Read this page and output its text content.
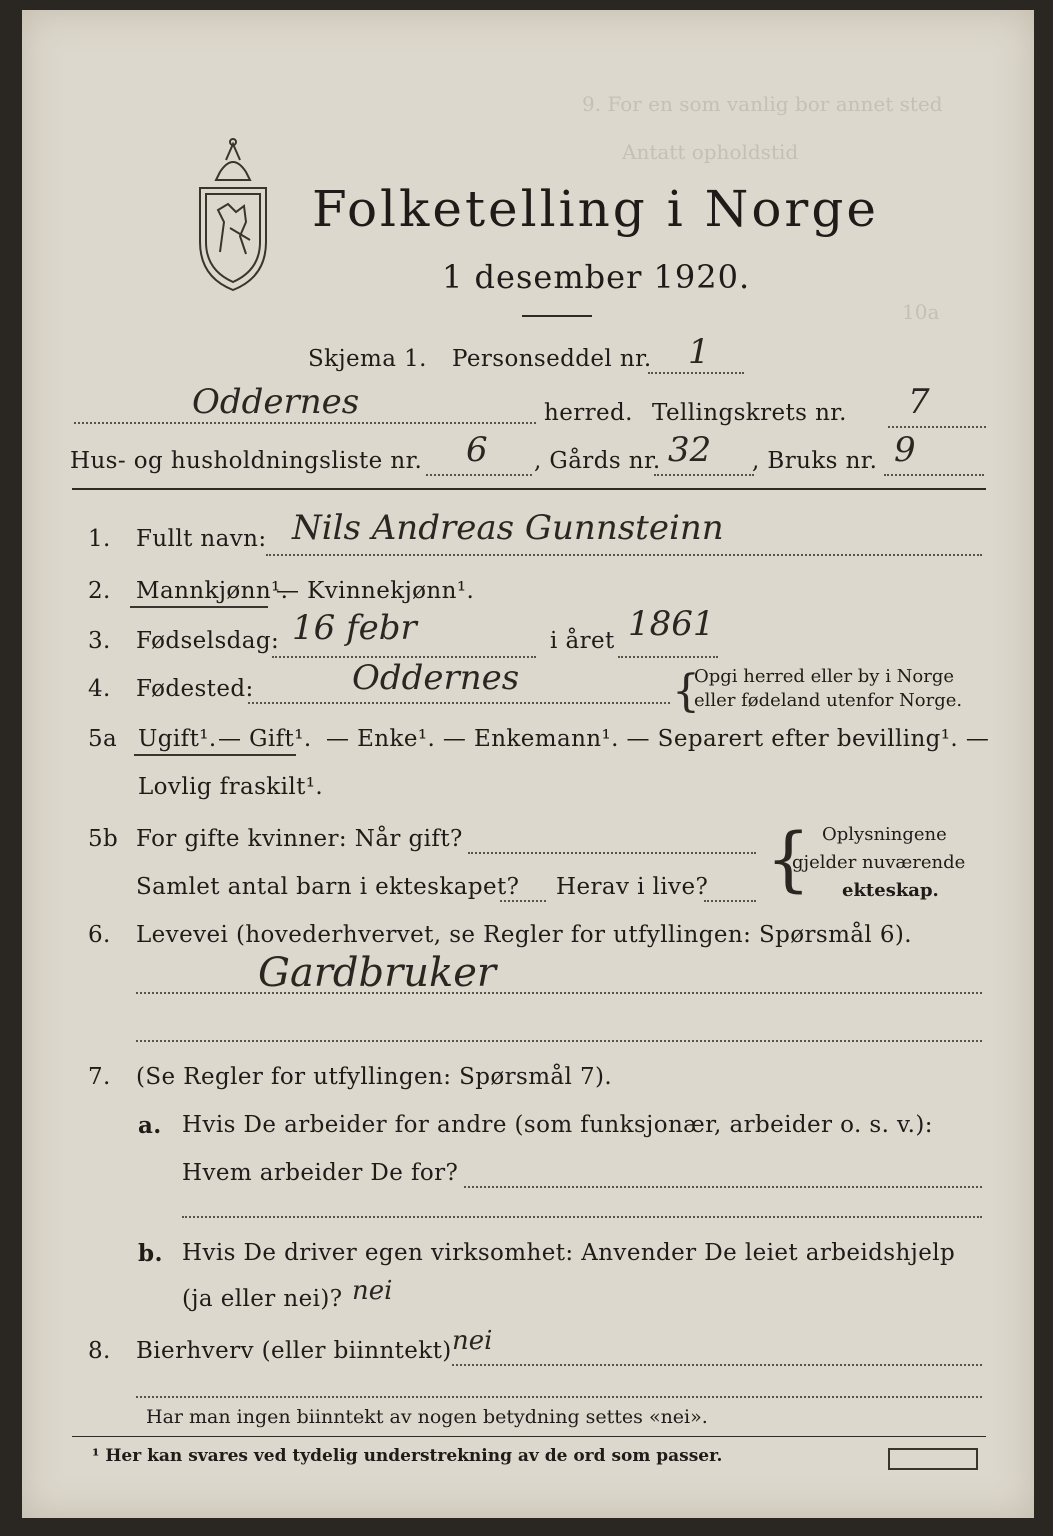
9. For en som vanlig bor annet sted
Antatt opholdstid
10a
Folketelling i Norge
1 desember 1920.
Skjema 1. Personseddel nr. 1
Oddernes	herred. Tellingskrets nr. 7
Hus- og husholdningsliste nr. 6 , Gårds nr. 32 , Bruks nr. 9
1. Fullt navn: Nils Andreas Gunnsteinn
2. Mannkjønn¹.
— Kvinnekjønn¹.
3. Fødselsdag: 16 febr	i året 1861
4. Fødested:	Oddernes	{
Opgi herred eller by i Norge
eller fødeland utenfor Norge.
5a Ugift¹. — Gift¹. — Enke¹. — Enkemann¹. — Separert efter bevilling¹. —
Lovlig fraskilt¹.
5b For gifte kvinner: Når gift?
Samlet antal barn i ekteskapet? Herav i live? { Oplysningene
gjelder nuværende
ekteskap.
6. Levevei (hovederhvervet, se Regler for utfyllingen: Spørsmål 6).
Gardbruker
7. (Se Regler for utfyllingen: Spørsmål 7).
a. Hvis De arbeider for andre (som funksjonær, arbeider o. s. v.):
Hvem arbeider De for?
b. Hvis De driver egen virksomhet: Anvender De leiet arbeidshjelp
(ja eller nei)? nei
8. Bierhverv (eller biinntekt) nei
Har man ingen biinntekt av nogen betydning settes «nei».
¹ Her kan svares ved tydelig understrekning av de ord som passer.
